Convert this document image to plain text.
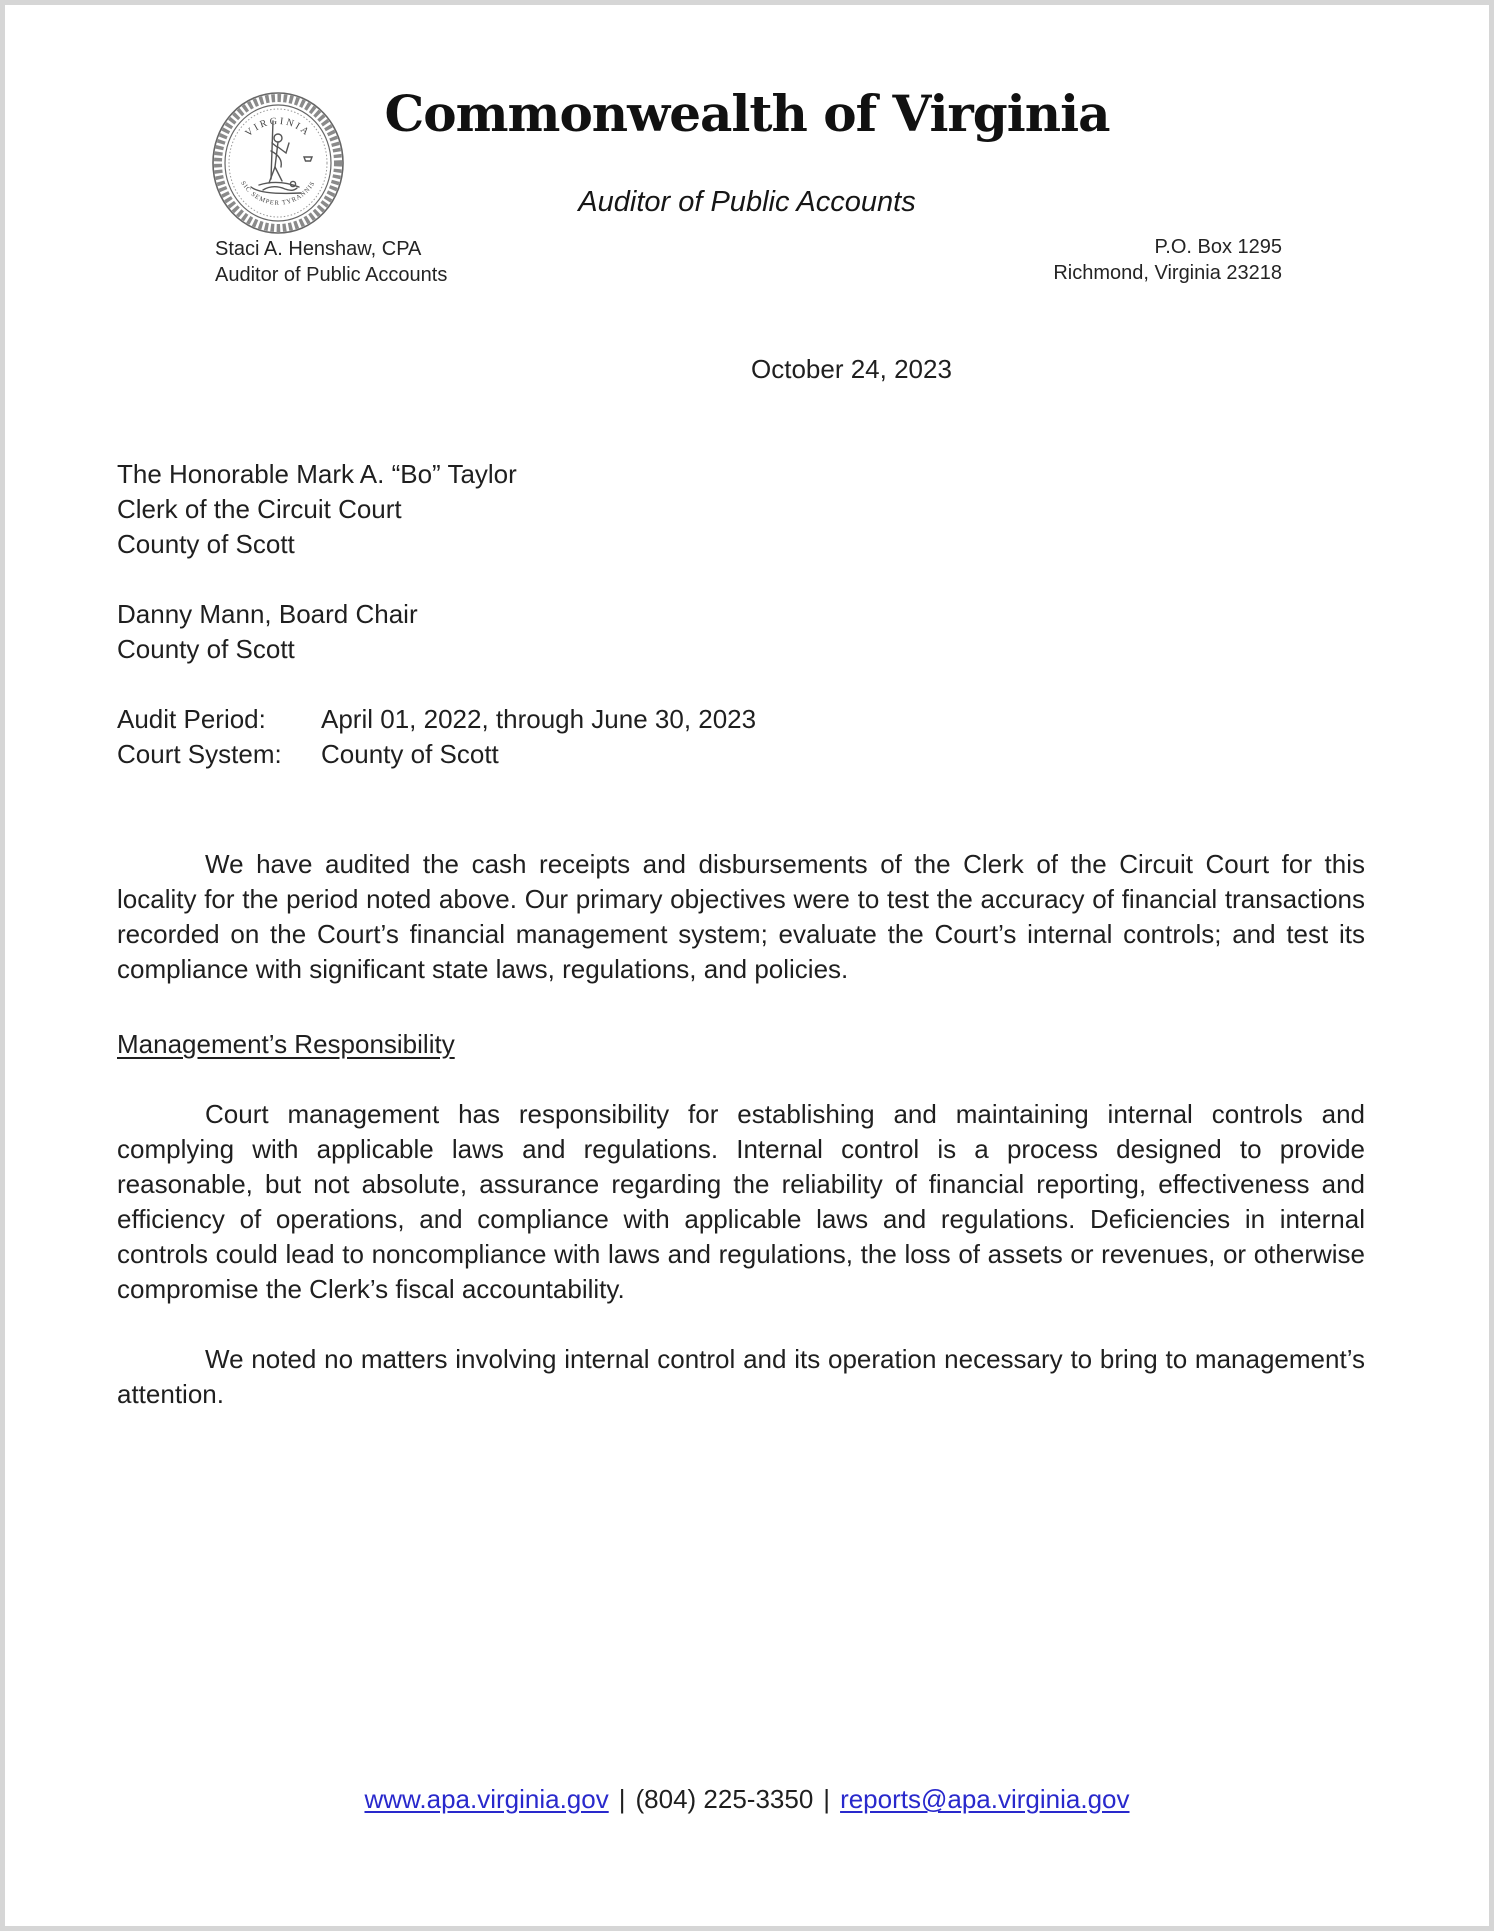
VIRGINIA
SIC SEMPER TYRANNIS
Commonwealth of Virginia
Auditor of Public Accounts
Staci A. Henshaw, CPA
Auditor of Public Accounts
P.O. Box 1295
Richmond, Virginia 23218
October 24, 2023
The Honorable Mark A. “Bo” Taylor
Clerk of the Circuit Court
County of Scott
Danny Mann, Board Chair
County of Scott
Audit Period: April 01, 2022, through June 30, 2023
Court System: County of Scott
We have audited the cash receipts and disbursements of the Clerk of the Circuit Court for this locality for the period noted above. Our primary objectives were to test the accuracy of financial transactions recorded on the Court’s financial management system; evaluate the Court’s internal controls; and test its compliance with significant state laws, regulations, and policies.
Management’s Responsibility
Court management has responsibility for establishing and maintaining internal controls and complying with applicable laws and regulations. Internal control is a process designed to provide reasonable, but not absolute, assurance regarding the reliability of financial reporting, effectiveness and efficiency of operations, and compliance with applicable laws and regulations. Deficiencies in internal controls could lead to noncompliance with laws and regulations, the loss of assets or revenues, or otherwise compromise the Clerk’s fiscal accountability.
We noted no matters involving internal control and its operation necessary to bring to management’s attention.
www.apa.virginia.gov | (804) 225-3350 | reports@apa.virginia.gov
